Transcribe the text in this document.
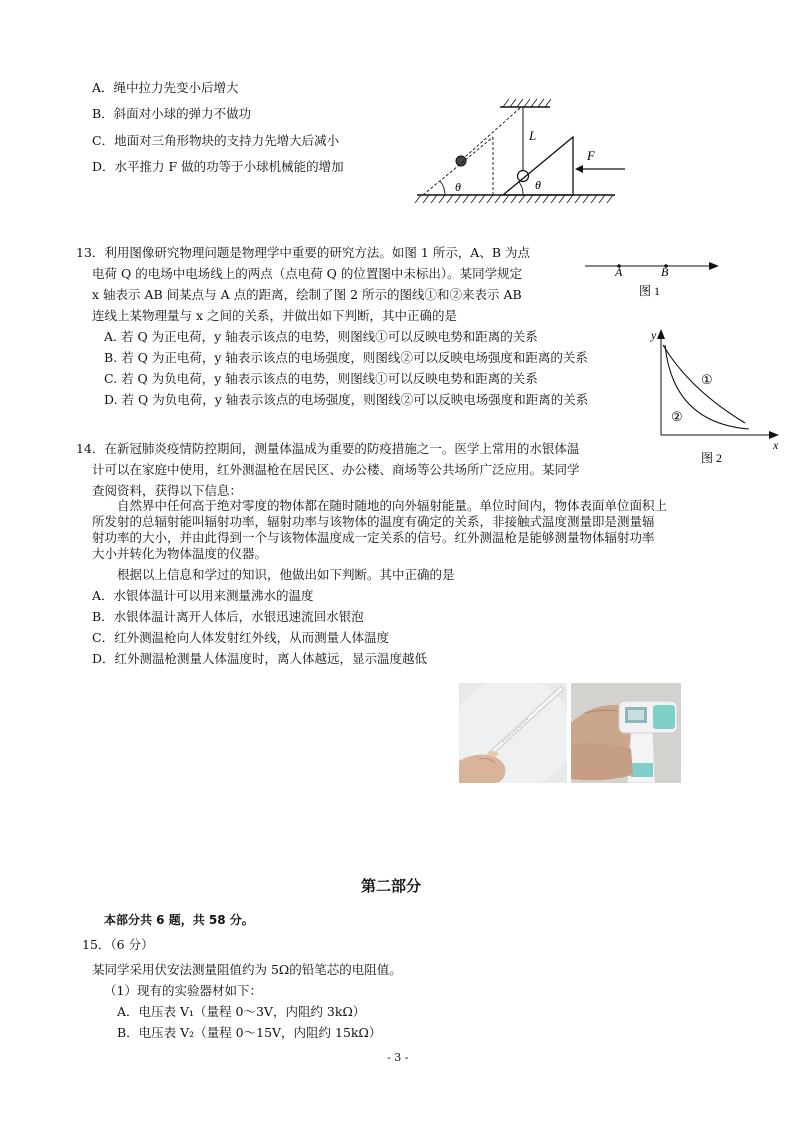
A．绳中拉力先变小后增大
B．斜面对小球的弹力不做功
C．地面对三角形物块的支持力先增大后减小
D．水平推力 F 做的功等于小球机械能的增加
L
F
θ	θ
13．利用图像研究物理问题是物理学中重要的研究方法。如图 1 所示，A、B 为点
电荷 Q 的电场中电场线上的两点（点电荷 Q 的位置图中未标出）。某同学规定
x 轴表示 AB 间某点与 A 点的距离，绘制了图 2 所示的图线①和②来表示 AB
连线上某物理量与 x 之间的关系，并做出如下判断，其中正确的是
A. 若 Q 为正电荷，y 轴表示该点的电势，则图线①可以反映电势和距离的关系
B. 若 Q 为正电荷，y 轴表示该点的电场强度，则图线②可以反映电场强度和距离的关系
C. 若 Q 为负电荷，y 轴表示该点的电势，则图线①可以反映电势和距离的关系
D. 若 Q 为负电荷，y 轴表示该点的电场强度，则图线②可以反映电场强度和距离的关系
A	B
图 1
y
x
①
②
图 2
14．在新冠肺炎疫情防控期间，测量体温成为重要的防疫措施之一。医学上常用的水银体温
计可以在家庭中使用，红外测温枪在居民区、办公楼、商场等公共场所广泛应用。某同学
查阅资料，获得以下信息：
自然界中任何高于绝对零度的物体都在随时随地的向外辐射能量。单位时间内，物体表面单位面积上
所发射的总辐射能叫辐射功率，辐射功率与该物体的温度有确定的关系，非接触式温度测量即是测量辐
射功率的大小，并由此得到一个与该物体温度成一定关系的信号。红外测温枪是能够测量物体辐射功率
大小并转化为物体温度的仪器。
根据以上信息和学过的知识，他做出如下判断。其中正确的是
A．水银体温计可以用来测量沸水的温度
B．水银体温计离开人体后，水银迅速流回水银泡
C．红外测温枪向人体发射红外线，从而测量人体温度
D．红外测温枪测量人体温度时，离人体越远，显示温度越低
第二部分
本部分共 6 题，共 58 分。
15．（6 分）
某同学采用伏安法测量阻值约为 5Ω的铅笔芯的电阻值。
（1）现有的实验器材如下：
A．电压表 V₁（量程 0～3V，内阻约 3kΩ）
B．电压表 V₂（量程 0～15V，内阻约 15kΩ）
- 3 -
